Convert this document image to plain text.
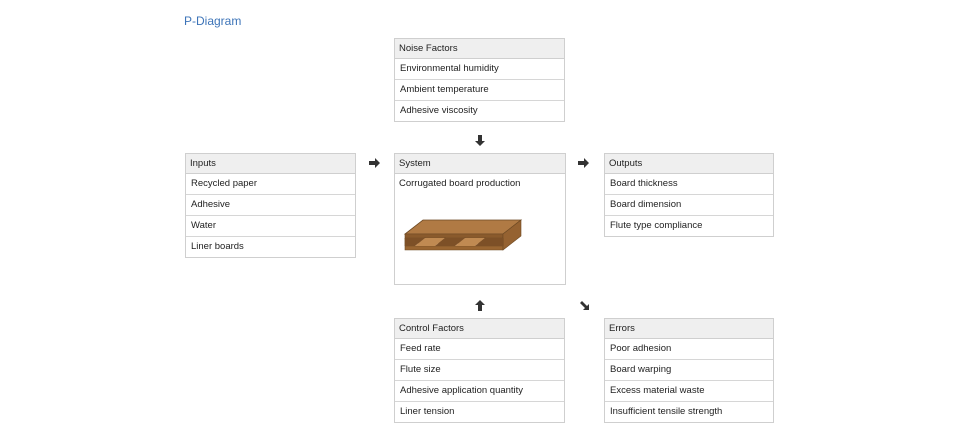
P-Diagram
Noise Factors
Environmental humidity
Ambient temperature
Adhesive viscosity
Inputs
Recycled paper
Adhesive
Water
Liner boards
System
Corrugated board production
Outputs
Board thickness
Board dimension
Flute type compliance
Control Factors
Feed rate
Flute size
Adhesive application quantity
Liner tension
Errors
Poor adhesion
Board warping
Excess material waste
Insufficient tensile strength
